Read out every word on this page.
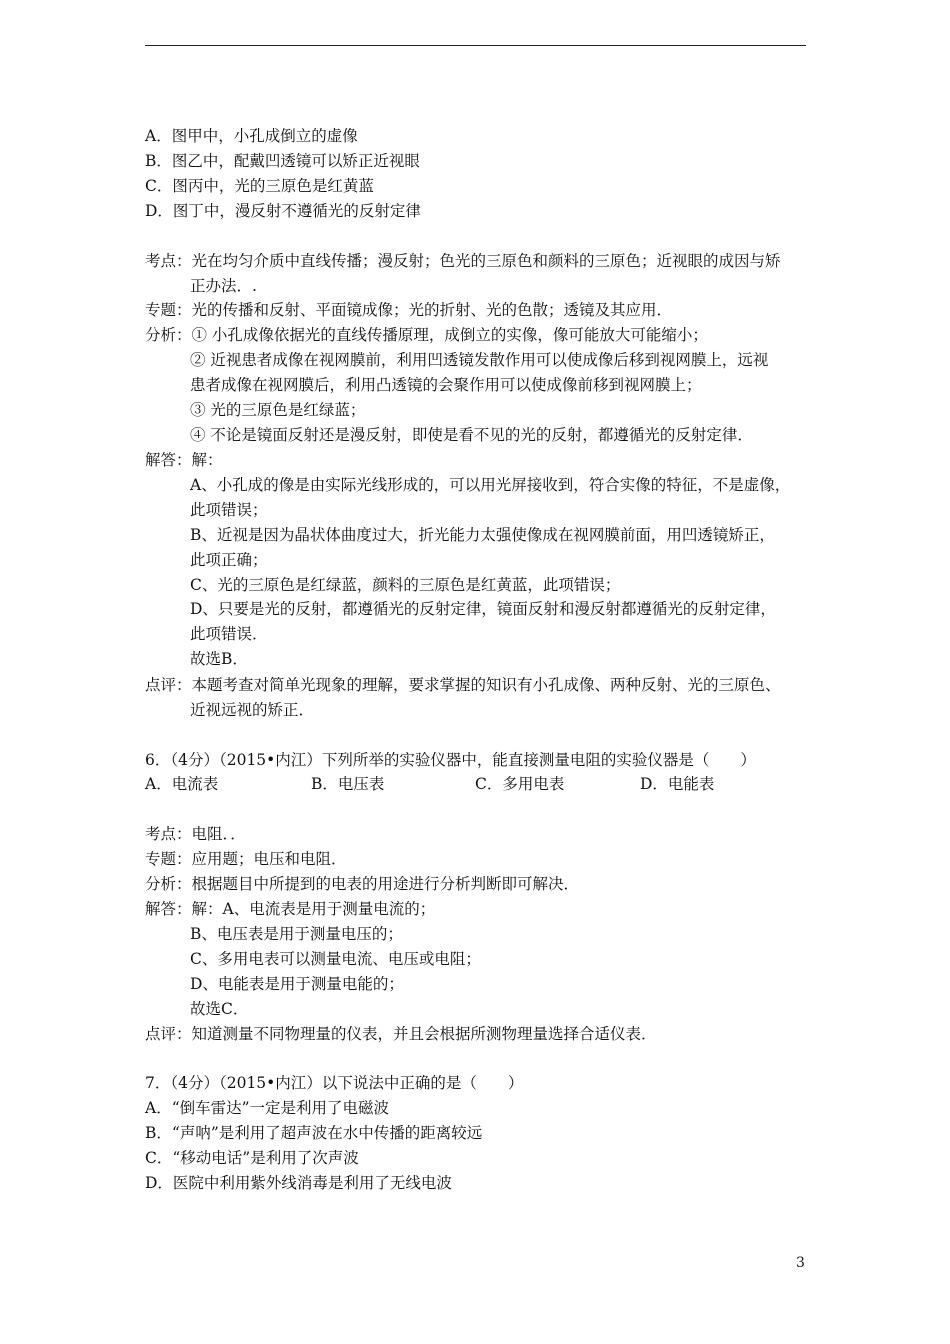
A．图甲中，小孔成倒立的虚像
B．图乙中，配戴凹透镜可以矫正近视眼
C．图丙中，光的三原色是红黄蓝
D．图丁中，漫反射不遵循光的反射定律
考点：光在均匀介质中直线传播；漫反射；色光的三原色和颜料的三原色；近视眼的成因与矫
正办法．.
专题：光的传播和反射、平面镜成像；光的折射、光的色散；透镜及其应用．
分析：① 小孔成像依据光的直线传播原理，成倒立的实像，像可能放大可能缩小；
② 近视患者成像在视网膜前，利用凹透镜发散作用可以使成像后移到视网膜上，远视
患者成像在视网膜后，利用凸透镜的会聚作用可以使成像前移到视网膜上；
③ 光的三原色是红绿蓝；
④ 不论是镜面反射还是漫反射，即使是看不见的光的反射，都遵循光的反射定律．
解答：解：
A、小孔成的像是由实际光线形成的，可以用光屏接收到，符合实像的特征，不是虚像，
此项错误；
B、近视是因为晶状体曲度过大，折光能力太强使像成在视网膜前面，用凹透镜矫正，
此项正确；
C、光的三原色是红绿蓝，颜料的三原色是红黄蓝，此项错误；
D、只要是光的反射，都遵循光的反射定律，镜面反射和漫反射都遵循光的反射定律，
此项错误．
故选B．
点评：本题考查对简单光现象的理解，要求掌握的知识有小孔成像、两种反射、光的三原色、
近视远视的矫正．
6．（4分）（2015•内江）下列所举的实验仪器中，能直接测量电阻的实验仪器是（　　）
A．电流表	B．电压表	C．多用电表	D．电能表
考点：电阻．．
专题：应用题；电压和电阻．
分析：根据题目中所提到的电表的用途进行分析判断即可解决．
解答：解：A、电流表是用于测量电流的；
B、电压表是用于测量电压的；
C、多用电表可以测量电流、电压或电阻；
D、电能表是用于测量电能的；
故选C．
点评：知道测量不同物理量的仪表，并且会根据所测物理量选择合适仪表．
7．（4分）（2015•内江）以下说法中正确的是（　　）
A．“倒车雷达”一定是利用了电磁波
B．“声呐”是利用了超声波在水中传播的距离较远
C．“移动电话”是利用了次声波
D．医院中利用紫外线消毒是利用了无线电波
3
